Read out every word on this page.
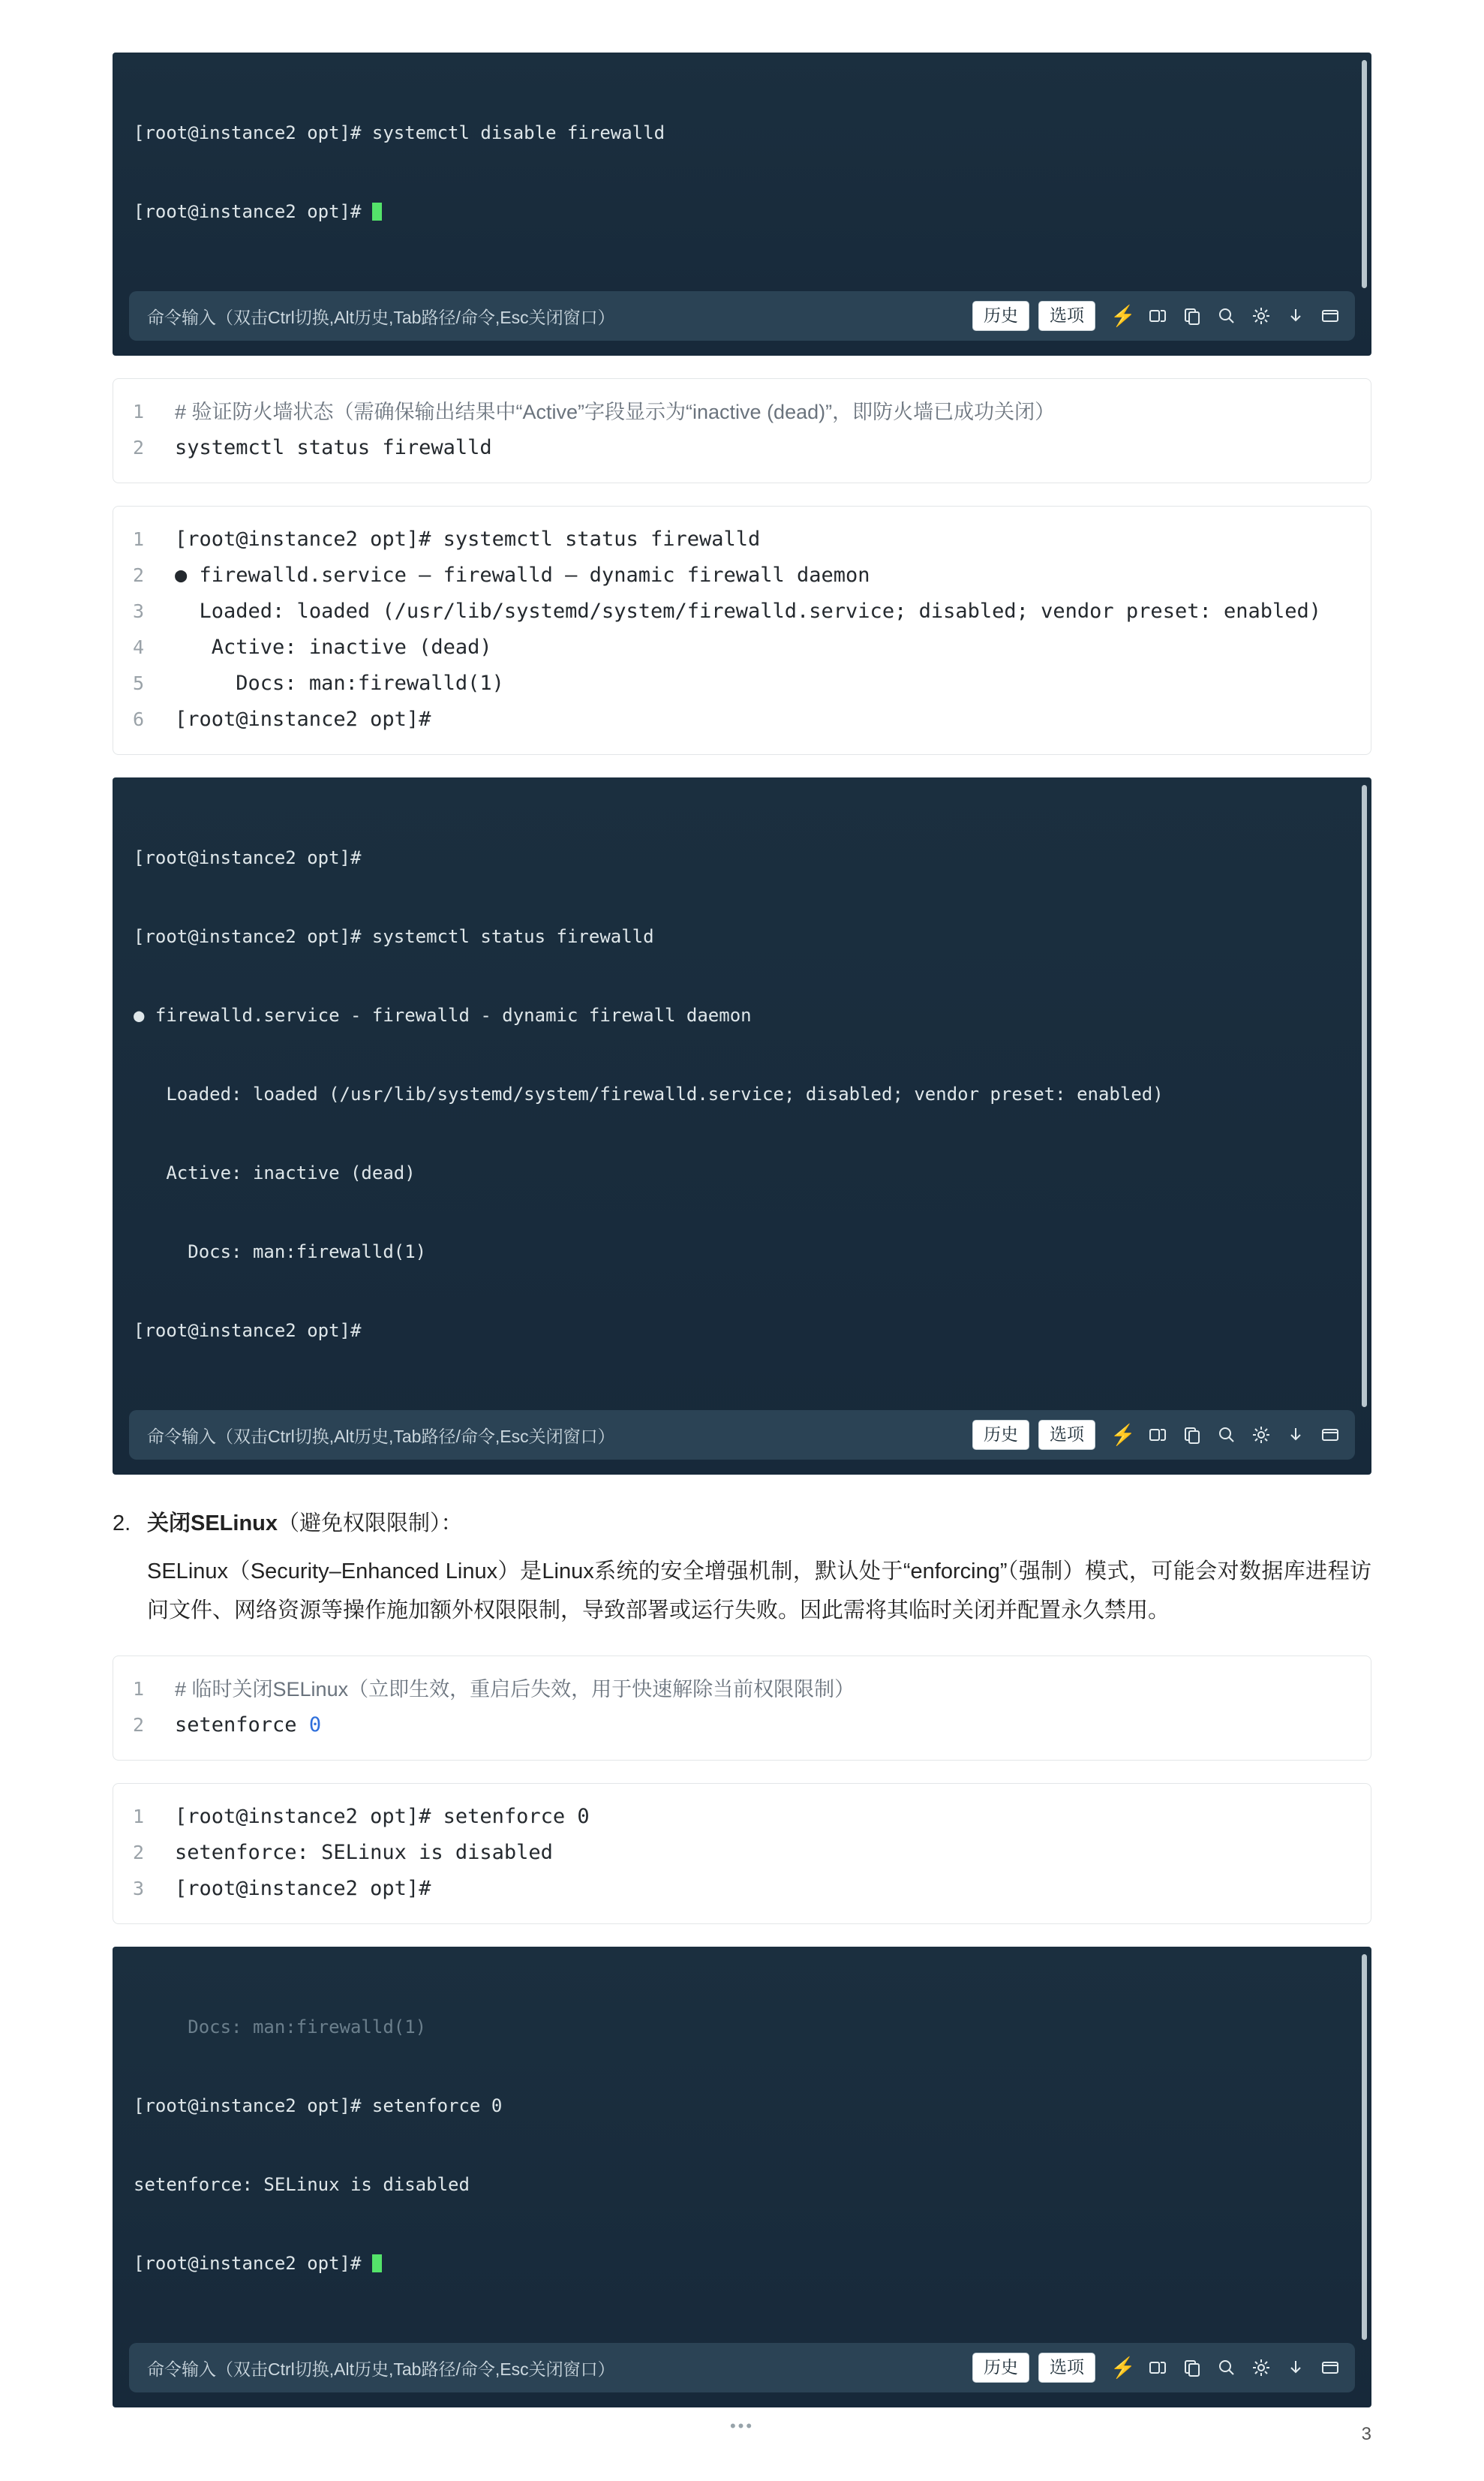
[root@instance2 opt]# systemctl disable firewalld

[root@instance2 opt]#

命令输入（双击Ctrl切换,Alt历史,Tab路径/命令,Esc关闭窗口）	历史	选项	⚡
1	# 验证防火墙状态（需确保输出结果中“Active”字段显示为“inactive (dead)”，即防火墙已成功关闭）
2	systemctl status firewalld
1	[root@instance2 opt]# systemctl status firewalld
2	● firewalld.service – firewalld – dynamic firewall daemon
3	Loaded: loaded (/usr/lib/systemd/system/firewalld.service; disabled; vendor preset: enabled)
4	Active: inactive (dead)
5	Docs: man:firewalld(1)
6	[root@instance2 opt]#

[root@instance2 opt]#

[root@instance2 opt]# systemctl status firewalld

● firewalld.service - firewalld - dynamic firewall daemon

Loaded: loaded (/usr/lib/systemd/system/firewalld.service; disabled; vendor preset: enabled)

Active: inactive (dead)

Docs: man:firewalld(1)

[root@instance2 opt]#

命令输入（双击Ctrl切换,Alt历史,Tab路径/命令,Esc关闭窗口）	历史	选项	⚡
2. 关闭SELinux（避免权限限制）：
SELinux（Security–Enhanced Linux）是Linux系统的安全增强机制，默认处于“enforcing”（强制）模式，可能会对数据库进程访问文件、网络资源等操作施加额外权限限制，导致部署或运行失败。因此需将其临时关闭并配置永久禁用。
1	# 临时关闭SELinux（立即生效，重启后失效，用于快速解除当前权限限制）
2	setenforce 0
1	[root@instance2 opt]# setenforce 0
2	setenforce: SELinux is disabled
3	[root@instance2 opt]#

Docs: man:firewalld(1)

[root@instance2 opt]# setenforce 0

setenforce: SELinux is disabled

[root@instance2 opt]#

命令输入（双击Ctrl切换,Alt历史,Tab路径/命令,Esc关闭窗口）	历史	选项	⚡
•••	3
